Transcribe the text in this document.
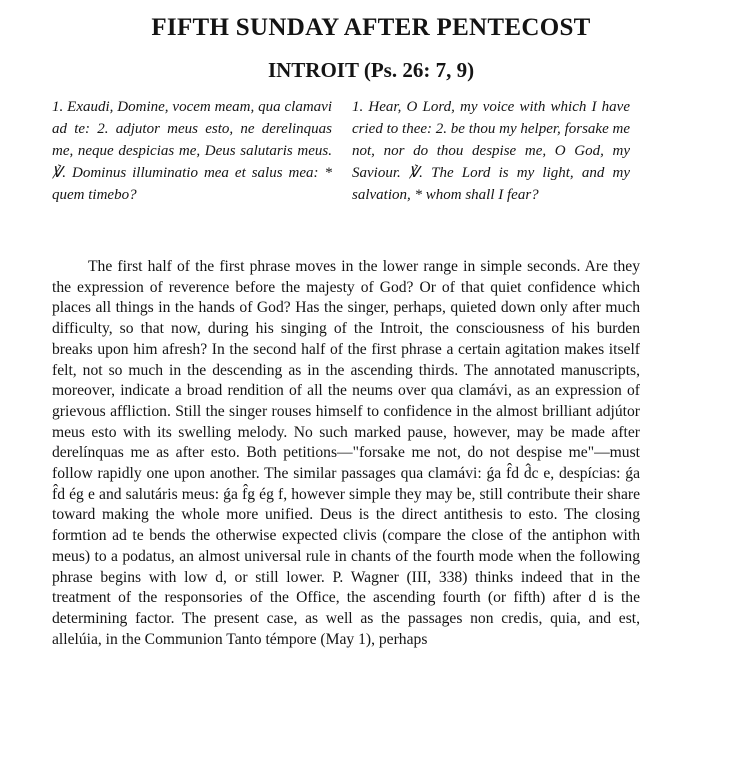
FIFTH SUNDAY AFTER PENTECOST
INTROIT (Ps. 26: 7, 9)

1. Exaudi, Domine, vocem meam, qua clamavi ad te: 2. adjutor meus esto, ne derelinquas me, neque despicias me, Deus salutaris meus. ℣. Dominus illuminatio mea et salus mea: * quem timebo?

1. Hear, O Lord, my voice with which I have cried to thee: 2. be thou my helper, forsake me not, nor do thou despise me, O God, my Saviour. ℣. The Lord is my light, and my salvation, * whom shall I fear?

The first half of the first phrase moves in the lower range in simple seconds. Are they the expression of reverence before the majesty of God? Or of that quiet confidence which places all things in the hands of God? Has the singer, perhaps, quieted down only after much difficulty, so that now, during his singing of the Introit, the consciousness of his burden breaks upon him afresh? In the second half of the first phrase a certain agitation makes itself felt, not so much in the descending as in the ascending thirds. The annotated manuscripts, moreover, indicate a broad rendition of all the neums over qua clamávi, as an expression of grievous affliction. Still the singer rouses himself to confidence in the almost brilliant adjútor meus esto with its swelling melody. No such marked pause, however, may be made after derelínquas me as after esto. Both petitions—"forsake me not, do not despise me"—must follow rapidly one upon another. The similar passages qua clamávi: ǵa f̂d d̂c e, despícias: ǵa f̂d ég e and salutáris meus: ǵa f̂g ég f, however simple they may be, still contribute their share toward making the whole more unified. Deus is the direct antithesis to esto. The closing formtion ad te bends the otherwise expected clivis (compare the close of the antiphon with meus) to a podatus, an almost universal rule in chants of the fourth mode when the following phrase begins with low d, or still lower. P. Wagner (III, 338) thinks indeed that in the treatment of the responsories of the Office, the ascending fourth (or fifth) after d is the determining factor. The present case, as well as the passages non credis, quia, and est, allelúia, in the Communion Tanto témpore (May 1), perhaps
